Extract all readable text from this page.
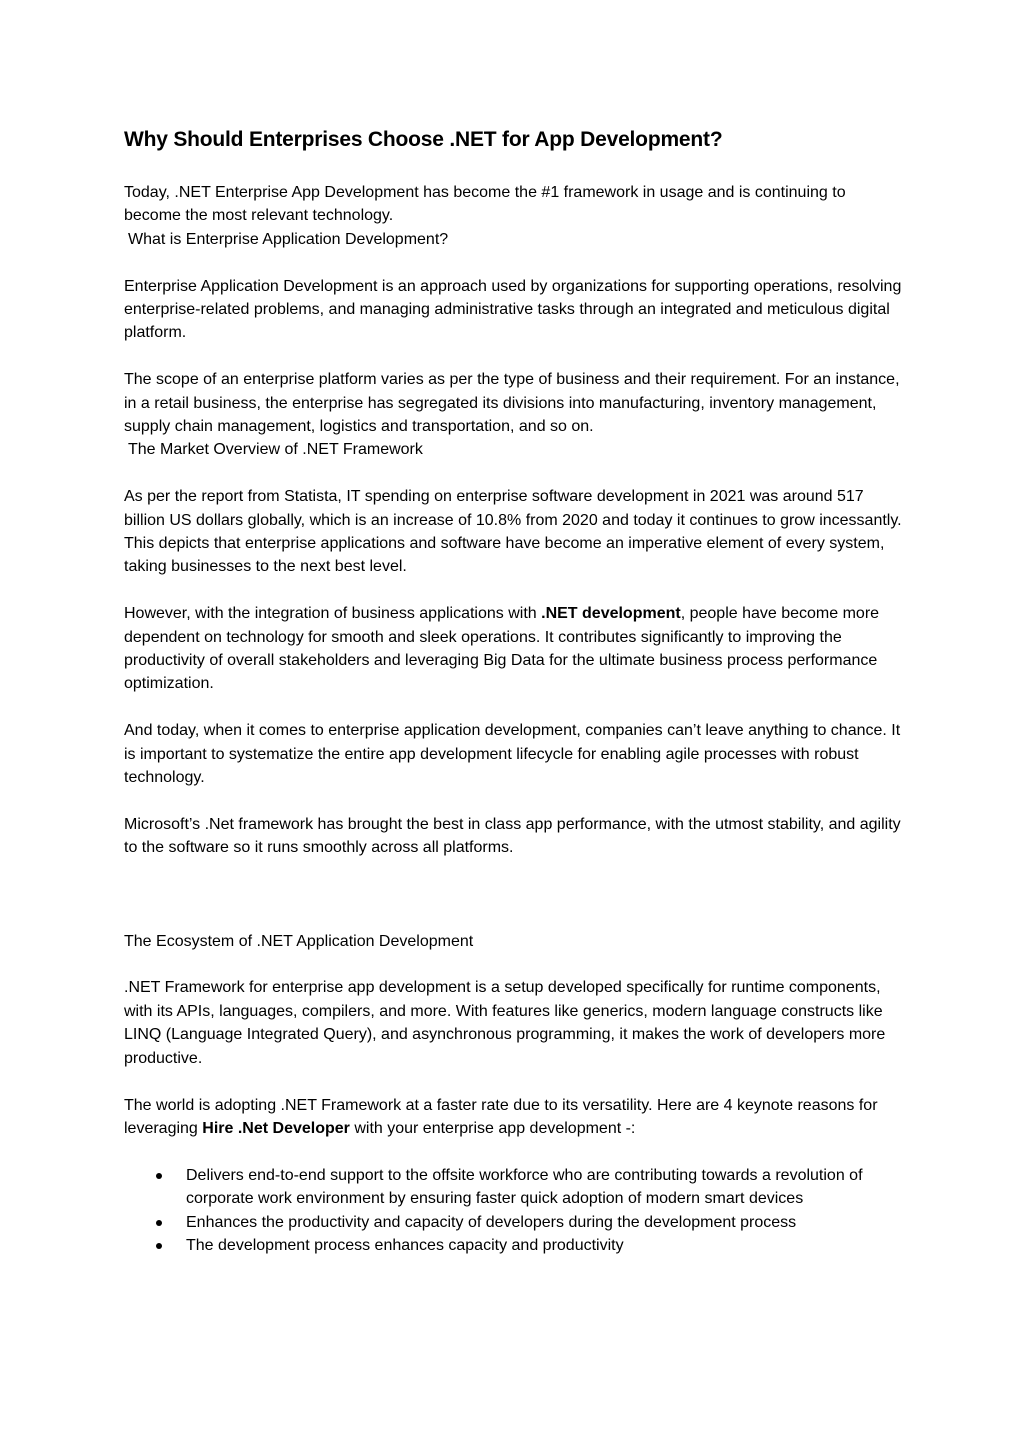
Why Should Enterprises Choose .NET for App Development?

Today, .NET Enterprise App Development has become the #1 framework in usage and is continuing to become the most relevant technology.

What is Enterprise Application Development?

Enterprise Application Development is an approach used by organizations for supporting operations, resolving enterprise-related problems, and managing administrative tasks through an integrated and meticulous digital platform.

The scope of an enterprise platform varies as per the type of business and their requirement. For an instance, in a retail business, the enterprise has segregated its divisions into manufacturing, inventory management, supply chain management, logistics and transportation, and so on.

The Market Overview of .NET Framework

As per the report from Statista, IT spending on enterprise software development in 2021 was around 517 billion US dollars globally, which is an increase of 10.8% from 2020 and today it continues to grow incessantly. This depicts that enterprise applications and software have become an imperative element of every system, taking businesses to the next best level.

However, with the integration of business applications with .NET development, people have become more dependent on technology for smooth and sleek operations. It contributes significantly to improving the productivity of overall stakeholders and leveraging Big Data for the ultimate business process performance optimization.

And today, when it comes to enterprise application development, companies can’t leave anything to chance. It is important to systematize the entire app development lifecycle for enabling agile processes with robust technology.

Microsoft’s .Net framework has brought the best in class app performance, with the utmost stability, and agility to the software so it runs smoothly across all platforms.

The Ecosystem of .NET Application Development

.NET Framework for enterprise app development is a setup developed specifically for runtime components, with its APIs, languages, compilers, and more. With features like generics, modern language constructs like LINQ (Language Integrated Query), and asynchronous programming, it makes the work of developers more productive.

The world is adopting .NET Framework at a faster rate due to its versatility. Here are 4 keynote reasons for leveraging Hire .Net Developer with your enterprise app development -:

Delivers end-to-end support to the offsite workforce who are contributing towards a revolution of corporate work environment by ensuring faster quick adoption of modern smart devices
Enhances the productivity and capacity of developers during the development process
The development process enhances capacity and productivity
